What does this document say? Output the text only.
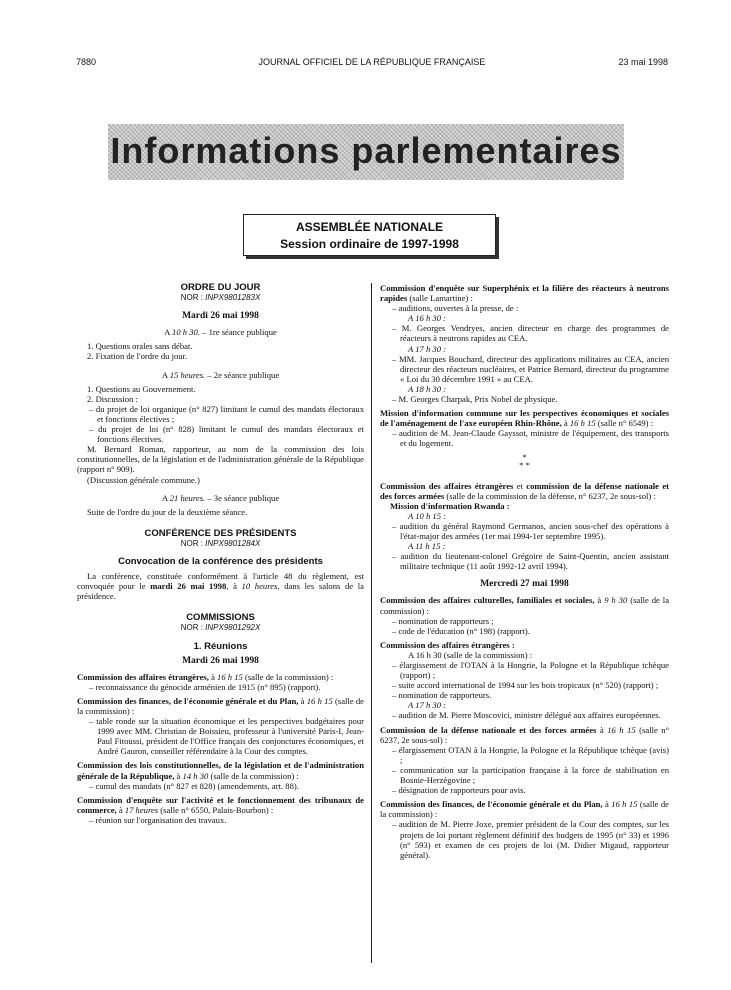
7880	JOURNAL OFFICIEL DE LA RÉPUBLIQUE FRANÇAISE	23 mai 1998
Informations parlementaires
ASSEMBLÉE NATIONALE
Session ordinaire de 1997-1998
ORDRE DU JOUR
NOR : INPX9801283X
Mardi 26 mai 1998
A 10 h 30. – 1re séance publique
1. Questions orales sans débat.
2. Fixation de l'ordre du jour.
A 15 heures. – 2e séance publique
1. Questions au Gouvernement.
2. Discussion :
– du projet de loi organique (n° 827) limitant le cumul des mandats électoraux et fonctions électives ;
– du projet de loi (n° 828) limitant le cumul des mandats électoraux et fonctions électives.
M. Bernard Roman, rapporteur, au nom de la commission des lois constitutionnelles, de la législation et de l'administration générale de la République (rapport n° 909).
(Discussion générale commune.)
A 21 heures. – 3e séance publique
Suite de l'ordre du jour de la deuxième séance.
CONFÉRENCE DES PRÉSIDENTS
NOR : INPX9801284X
Convocation de la conférence des présidents
La conférence, constituée conformément à l'article 48 du règlement, est convoquée pour le mardi 26 mai 1998, à 10 heures, dans les salons de la présidence.
COMMISSIONS
NOR : INPX9801292X
1. Réunions
Mardi 26 mai 1998
Commission des affaires étrangères, à 16 h 15 (salle de la commission) :
– reconnaissance du génocide arménien de 1915 (n° 895) (rapport).
Commission des finances, de l'économie générale et du Plan, à 16 h 15 (salle de la commission) :
– table ronde sur la situation économique et les perspectives budgétaires pour 1999 avec MM. Christian de Boissieu, professeur à l'université Paris-I, Jean-Paul Fitoussi, président de l'Office français des conjonctures économiques, et André Gauron, conseiller référendaire à la Cour des comptes.
Commission des lois constitutionnelles, de la législation et de l'administration générale de la République, à 14 h 30 (salle de la commission) :
– cumul des mandats (n° 827 et 828) (amendements, art. 88).
Commission d'enquête sur l'activité et le fonctionnement des tribunaux de commerce, à 17 heures (salle n° 6550, Palais-Bourbon) :
– réunion sur l'organisation des travaux.
Commission d'enquête sur Superphénix et la filière des réacteurs à neutrons rapides (salle Lamartine) :
– auditions, ouvertes à la presse, de :
A 16 h 30 :
– M. Georges Vendryes, ancien directeur en charge des programmes de réacteurs à neutrons rapides au CEA.
A 17 h 30 :
– MM. Jacques Bouchard, directeur des applications militaires au CEA, ancien directeur des réacteurs nucléaires, et Patrice Bernard, directeur du programme « Loi du 30 décembre 1991 » au CEA.
A 18 h 30 :
– M. Georges Charpak, Prix Nobel de physique.
Mission d'information commune sur les perspectives économiques et sociales de l'aménagement de l'axe européen Rhin-Rhône, à 16 h 15 (salle n° 6549) :
– audition de M. Jean-Claude Gayssot, ministre de l'équipement, des transports et du logement.
*
* *
Commission des affaires étrangères et commission de la défense nationale et des forces armées (salle de la commission de la défense, n° 6237, 2e sous-sol) :
Mission d'information Rwanda :
A 10 h 15 :
– audition du général Raymond Germanos, ancien sous-chef des opérations à l'état-major des armées (1er mai 1994-1er septembre 1995).
A 11 h 15 :
– audition du lieutenant-colonel Grégoire de Saint-Quentin, ancien assistant militaire technique (11 août 1992-12 avril 1994).
Mercredi 27 mai 1998
Commission des affaires culturelles, familiales et sociales, à 9 h 30 (salle de la commission) :
– nomination de rapporteurs ;
– code de l'éducation (n° 198) (rapport).
Commission des affaires étrangères :
A 16 h 30 (salle de la commission) :
– élargissement de l'OTAN à la Hongrie, la Pologne et la République tchèque (rapport) ;
– suite accord international de 1994 sur les bois tropicaux (n° 520) (rapport) ;
– nomination de rapporteurs.
A 17 h 30 :
– audition de M. Pierre Moscovici, ministre délégué aux affaires européennes.
Commission de la défense nationale et des forces armées à 16 h 15 (salle n° 6237, 2e sous-sol) :
– élargissement OTAN à la Hongrie, la Pologne et la République tchèque (avis) ;
– communication sur la participation française à la force de stabilisation en Bosnie-Herzégovine ;
– désignation de rapporteurs pour avis.
Commission des finances, de l'économie générale et du Plan, à 16 h 15 (salle de la commission) :
– audition de M. Pierre Joxe, premier président de la Cour des comptes, sur les projets de loi portant règlement définitif des budgets de 1995 (n° 33) et 1996 (n° 593) et examen de ces projets de loi (M. Didier Migaud, rapporteur général).
